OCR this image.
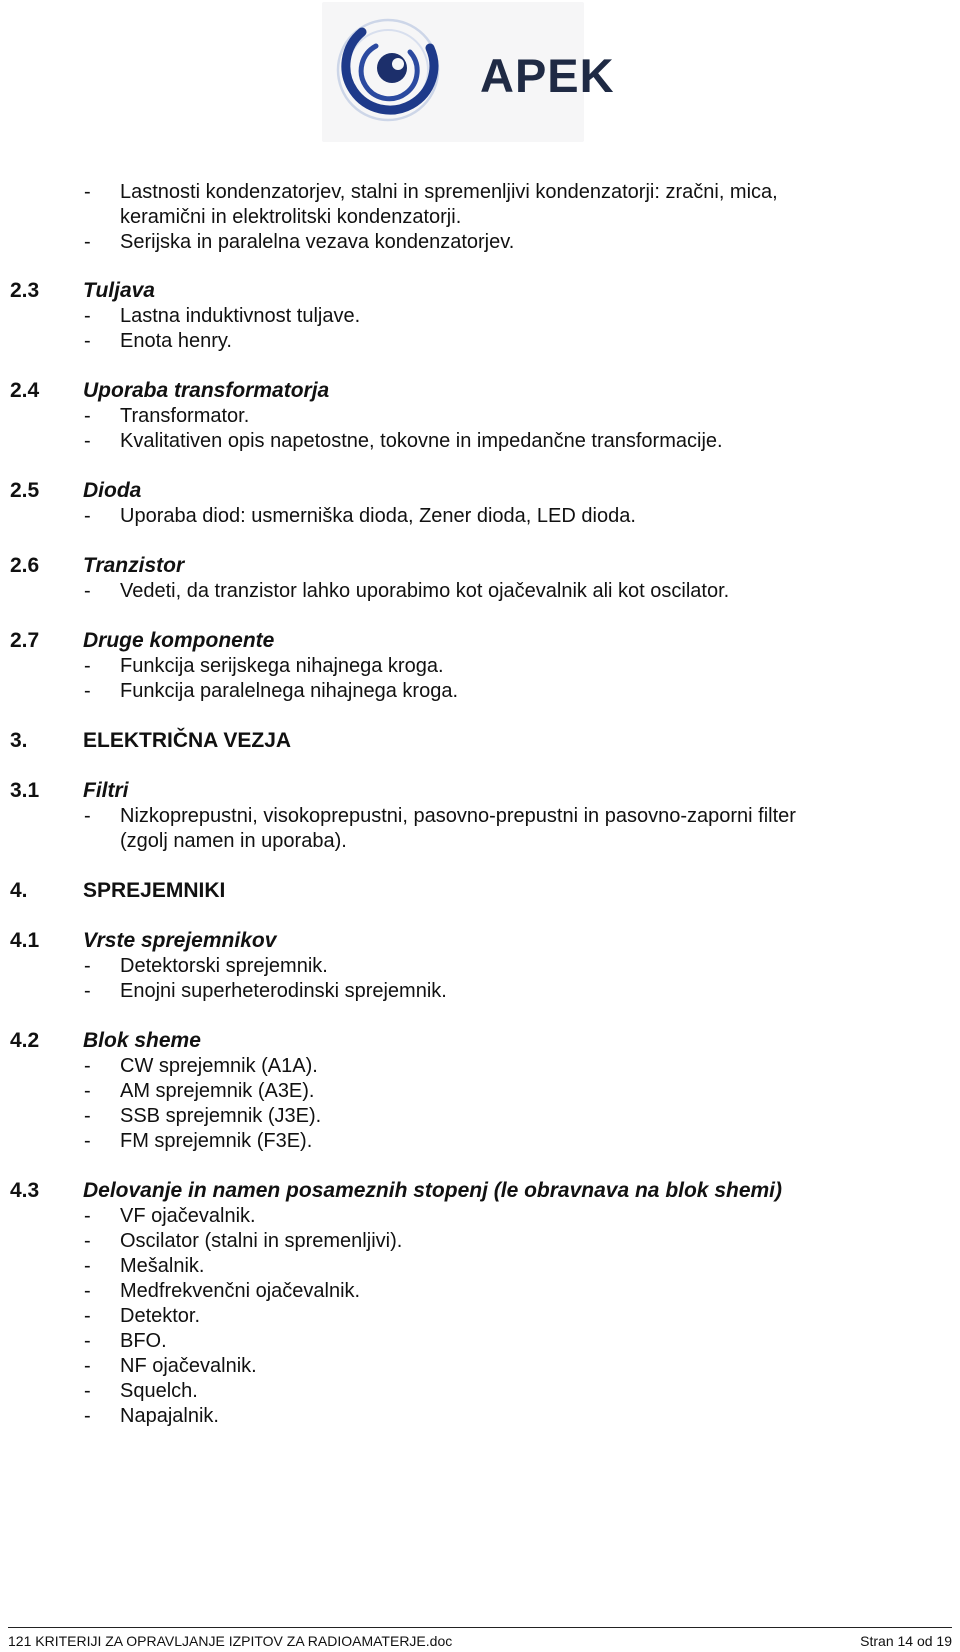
APEK
- Lastnosti kondenzatorjev, stalni in spremenljivi kondenzatorji: zračni, mica,
keramični in elektrolitski kondenzatorji.
- Serijska in paralelna vezava kondenzatorjev.
2.3 Tuljava
- Lastna induktivnost tuljave.
- Enota henry.
2.4 Uporaba transformatorja
- Transformator.
- Kvalitativen opis napetostne, tokovne in impedančne transformacije.
2.5 Dioda
- Uporaba diod: usmerniška dioda, Zener dioda, LED dioda.
2.6 Tranzistor
- Vedeti, da tranzistor lahko uporabimo kot ojačevalnik ali kot oscilator.
2.7 Druge komponente
- Funkcija serijskega nihajnega kroga.
- Funkcija paralelnega nihajnega kroga.
3.	ELEKTRIČNA VEZJA
3.1 Filtri
- Nizkoprepustni, visokoprepustni, pasovno-prepustni in pasovno-zaporni filter
(zgolj namen in uporaba).
4.	SPREJEMNIKI
4.1 Vrste sprejemnikov
- Detektorski sprejemnik.
- Enojni superheterodinski sprejemnik.
4.2 Blok sheme
- CW sprejemnik (A1A).
- AM sprejemnik (A3E).
- SSB sprejemnik (J3E).
- FM sprejemnik (F3E).
4.3 Delovanje in namen posameznih stopenj (le obravnava na blok shemi)
- VF ojačevalnik.
- Oscilator (stalni in spremenljivi).
- Mešalnik.
- Medfrekvenčni ojačevalnik.
- Detektor.
- BFO.
- NF ojačevalnik.
- Squelch.
- Napajalnik.
121 KRITERIJI ZA OPRAVLJANJE IZPITOV ZA RADIOAMATERJE.doc	Stran 14 od 19
